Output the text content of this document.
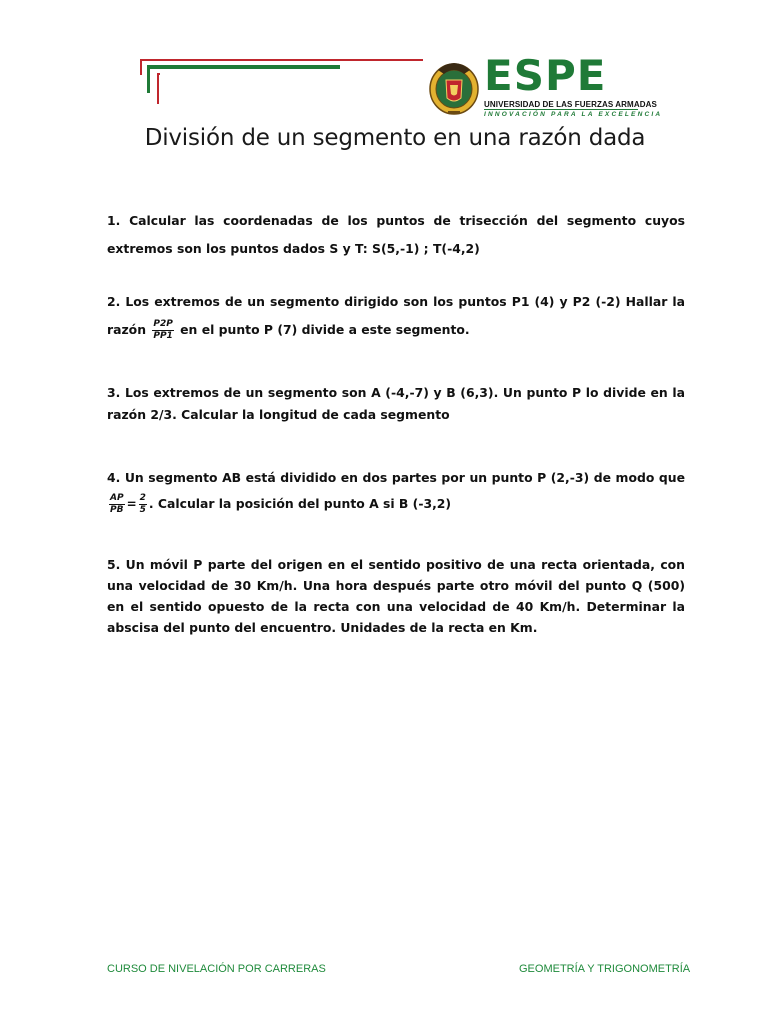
ESPE
UNIVERSIDAD DE LAS FUERZAS ARMADAS
INNOVACIÓN PARA LA EXCELENCIA
División de un segmento en una razón dada
1. Calcular las coordenadas de los puntos de trisección del segmento cuyos extremos son los puntos dados S y T: S(5,-1) ; T(-4,2)
2. Los extremos de un segmento dirigido son los puntos P1 (4) y P2 (-2) Hallar la razón $\frac{P2P}{PP1}$ en el punto P (7) divide a este segmento.
3. Los extremos de un segmento son A (-4,-7) y B (6,3). Un punto P lo divide en la razón 2/3. Calcular la longitud de cada segmento
4. Un segmento AB está dividido en dos partes por un punto P (2,-3) de modo que
$\frac{AP}{PB} = \frac{2}{5}$ . Calcular la posición del punto A si B (-3,2)
5. Un móvil P parte del origen en el sentido positivo de una recta orientada, con una velocidad de 30 Km/h. Una hora después parte otro móvil del punto Q (500) en el sentido opuesto de la recta con una velocidad de 40 Km/h. Determinar la abscisa del punto del encuentro. Unidades de la recta en Km.
CURSO DE NIVELACIÓN POR CARRERAS	GEOMETRÍA Y TRIGONOMETRÍA
